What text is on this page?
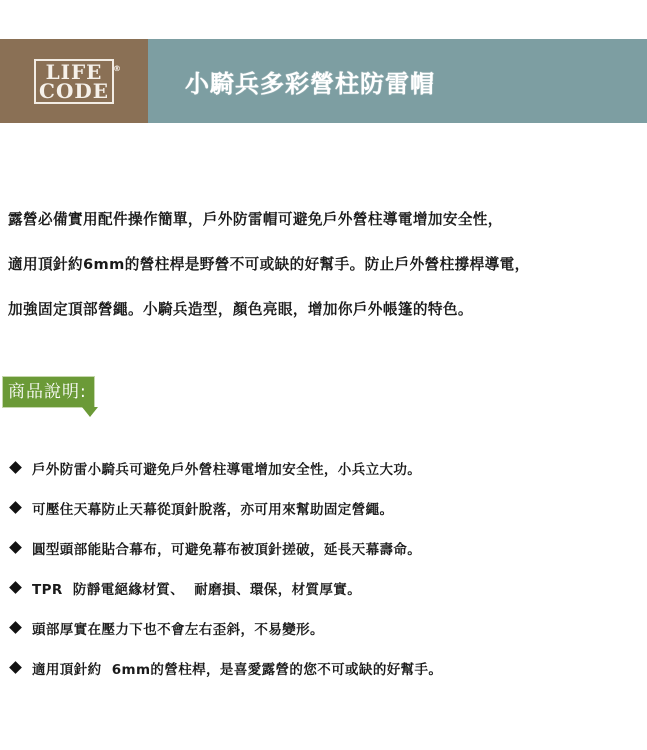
LIFE
CODE
®
小騎兵多彩營柱防雷帽

露營必備實用配件操作簡單，戶外防雷帽可避免戶外營柱導電增加安全性，

適用頂針約6mm的營柱桿是野營不可或缺的好幫手。防止戶外營柱撐桿導電，

加強固定頂部營繩。小騎兵造型，顏色亮眼，增加你戶外帳篷的特色。

商品說明:
戶外防雷小騎兵可避免戶外營柱導電增加安全性，小兵立大功。
可壓住天幕防止天幕從頂針脫落，亦可用來幫助固定營繩。
圓型頭部能貼合幕布，可避免幕布被頂針搓破，延長天幕壽命。
TPR  防靜電絕緣材質、  耐磨損、環保，材質厚實。
頭部厚實在壓力下也不會左右歪斜，不易變形。
適用頂針約  6mm的營柱桿，是喜愛露營的您不可或缺的好幫手。
